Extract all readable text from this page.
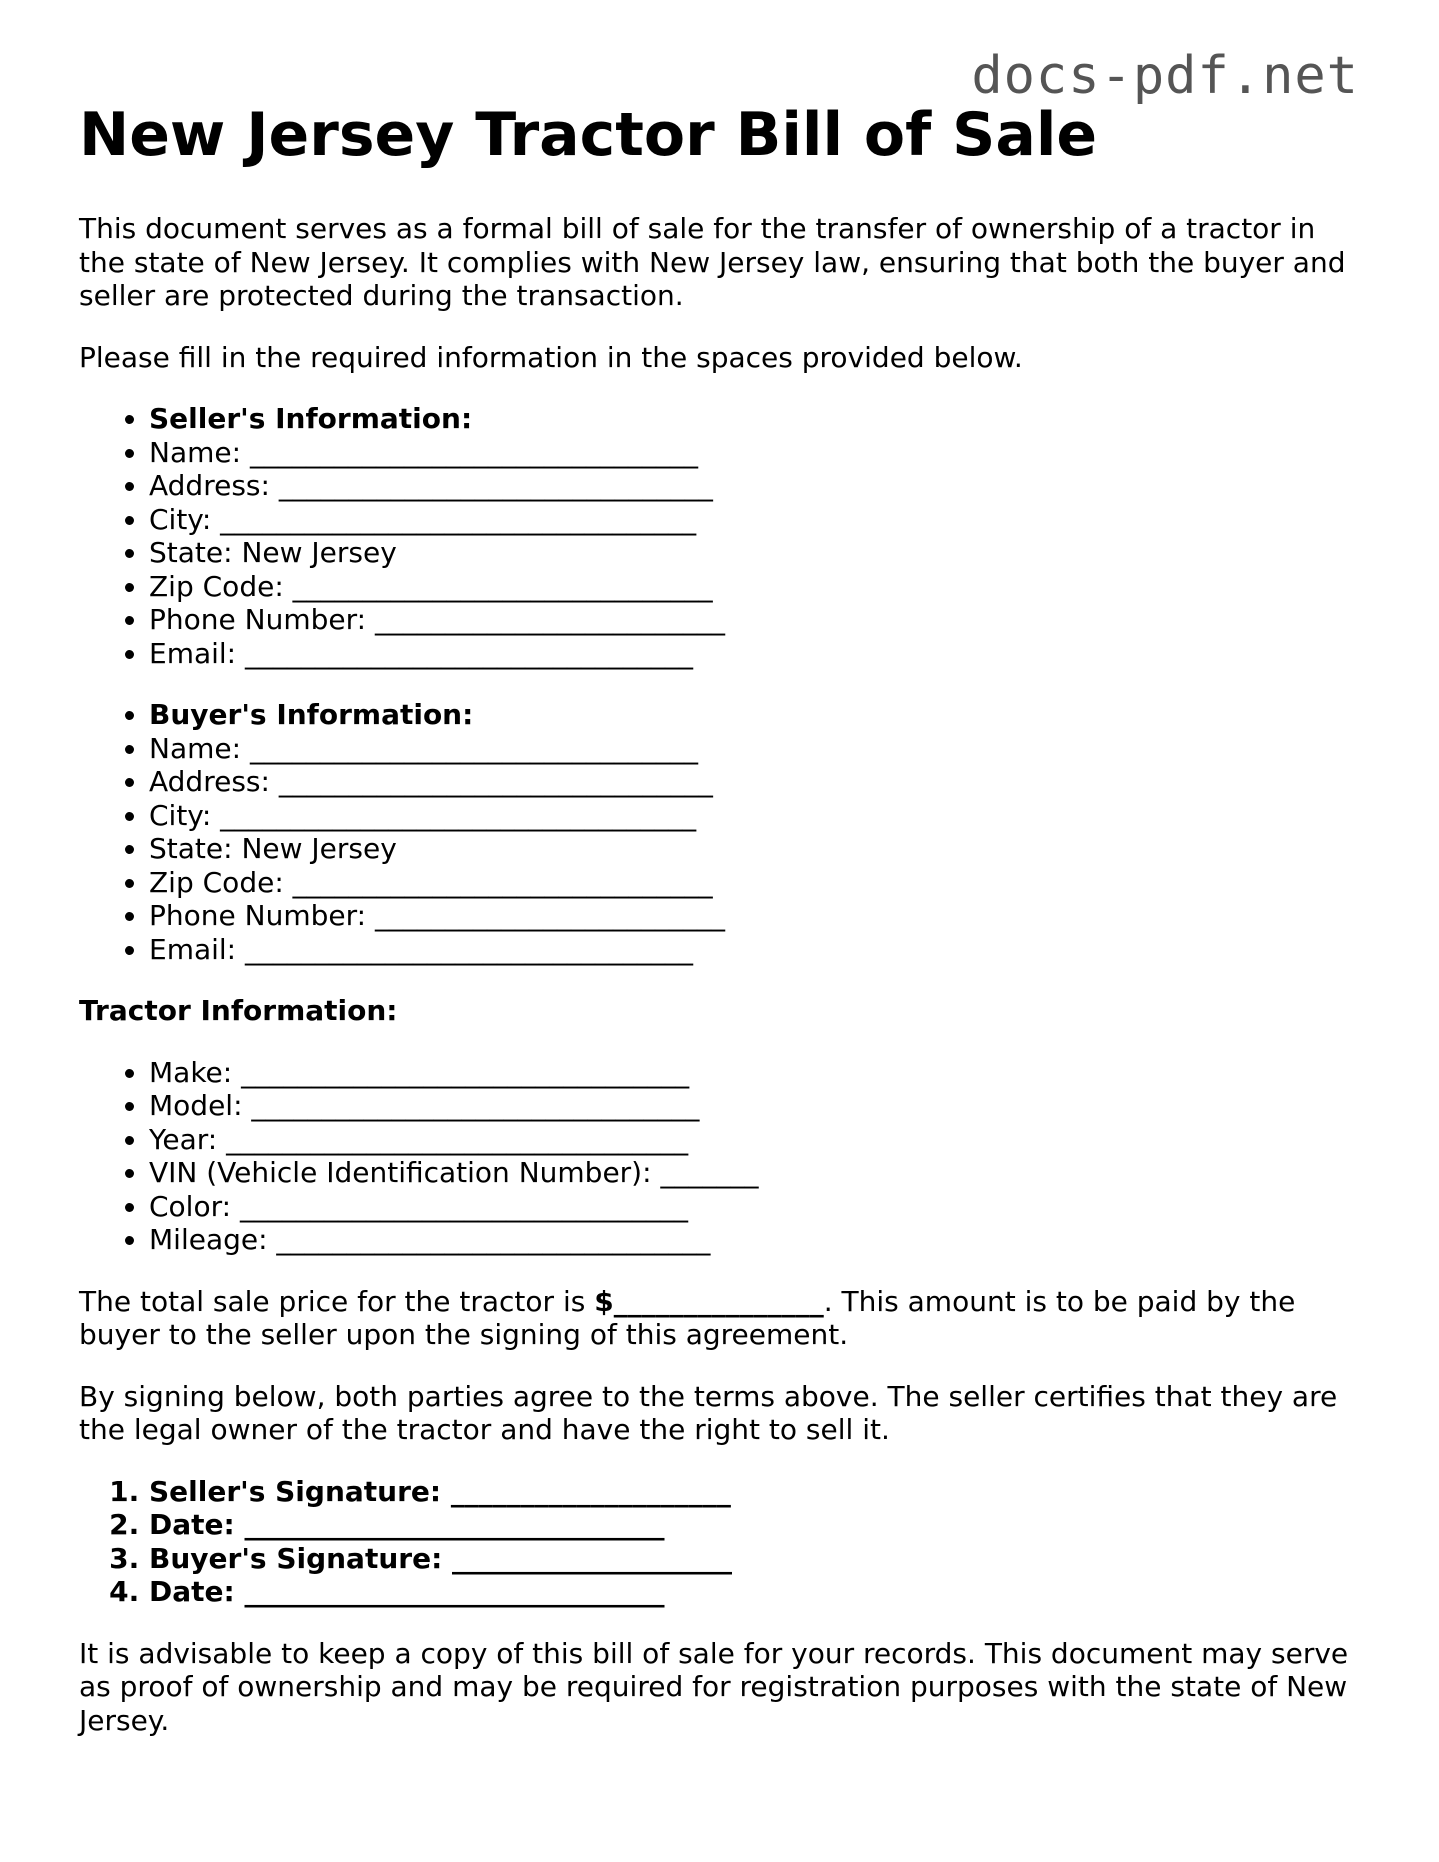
docs-pdf.net
New Jersey Tractor Bill of Sale

This document serves as a formal bill of sale for the transfer of ownership of a tractor in
the state of New Jersey. It complies with New Jersey law, ensuring that both the buyer and
seller are protected during the transaction.

Please fill in the required information in the spaces provided below.

• Seller's Information:
• Name: ________________________________
• Address: _______________________________
• City: __________________________________
• State: New Jersey
• Zip Code: ______________________________
• Phone Number: _________________________
• Email: ________________________________
• Buyer's Information:
• Name: ________________________________
• Address: _______________________________
• City: __________________________________
• State: New Jersey
• Zip Code: ______________________________
• Phone Number: _________________________
• Email: ________________________________
Tractor Information:
• Make: ________________________________
• Model: ________________________________
• Year: _________________________________
• VIN (Vehicle Identification Number): _______
• Color: ________________________________
• Mileage: _______________________________

The total sale price for the tractor is $_______________. This amount is to be paid by the
buyer to the seller upon the signing of this agreement.

By signing below, both parties agree to the terms above. The seller certifies that they are
the legal owner of the tractor and have the right to sell it.

1. Seller's Signature: ____________________
2. Date: ______________________________
3. Buyer's Signature: ____________________
4. Date: ______________________________

It is advisable to keep a copy of this bill of sale for your records. This document may serve
as proof of ownership and may be required for registration purposes with the state of New
Jersey.
